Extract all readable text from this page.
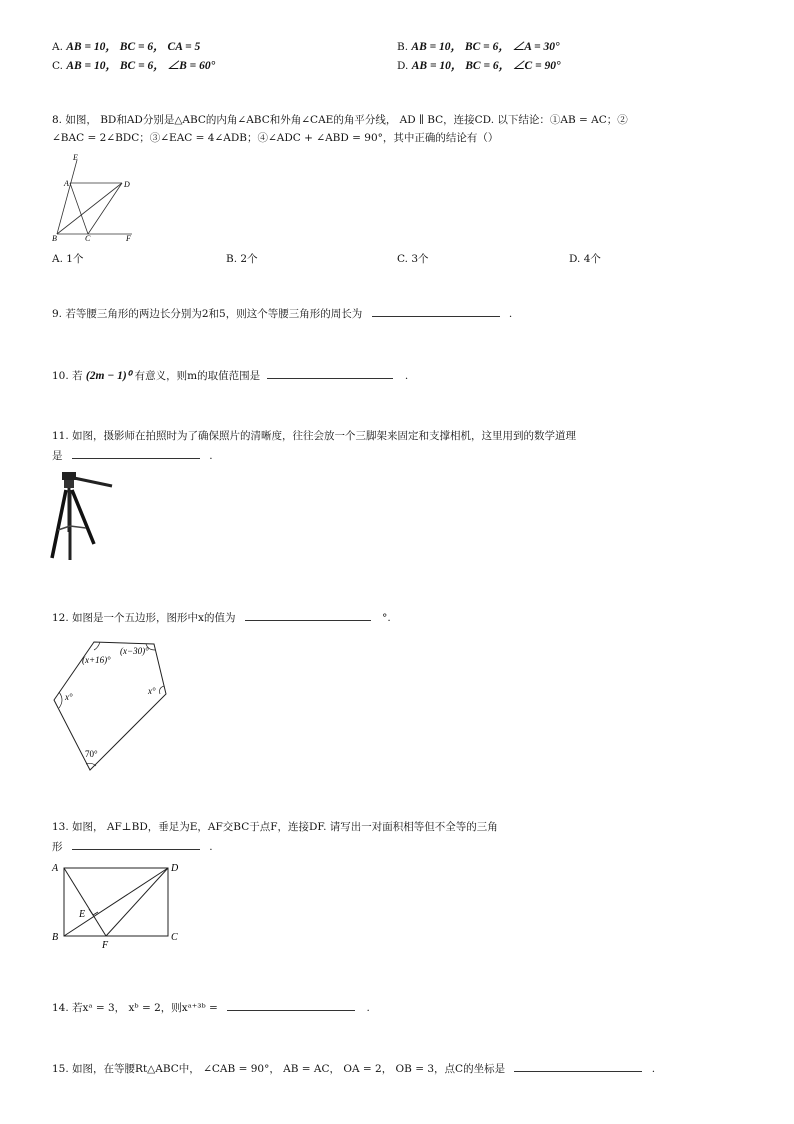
A. AB = 10， BC = 6， CA = 5	B. AB = 10， BC = 6， ∠A = 30°
C. AB = 10， BC = 6， ∠B = 60°	D. AB = 10， BC = 6， ∠C = 90°
8. 如图， BD和AD分别是△ABC的内角∠ABC和外角∠CAE的角平分线， AD ∥ BC，连接CD. 以下结论：①AB = AC；②
∠BAC = 2∠BDC；③∠EAC = 4∠ADB；④∠ADC + ∠ABD = 90°，其中正确的结论有（）
E
A	D
B	C	F
A. 1个	B. 2个	C. 3个	D. 4个
9. 若等腰三角形的两边长分别为2和5，则这个等腰三角形的周长为	.
10. 若 (2m − 1)⁰ 有意义，则m的取值范围是	.
11. 如图，摄影师在拍照时为了确保照片的清晰度，往往会放一个三脚架来固定和支撑相机，这里用到的数学道理
是	.
12. 如图是一个五边形，图形中x的值为	°.
(x+16)°
(x−30)°
x°
x°
70°
13. 如图， AF⊥BD，垂足为E，AF交BC于点F，连接DF. 请写出一对面积相等但不全等的三角
形	.
A	D
E
B
F
C
14. 若xᵃ = 3， xᵇ = 2，则xᵃ⁺³ᵇ =	.
15. 如图，在等腰Rt△ABC中， ∠CAB = 90°， AB = AC， OA = 2， OB = 3，点C的坐标是	.
